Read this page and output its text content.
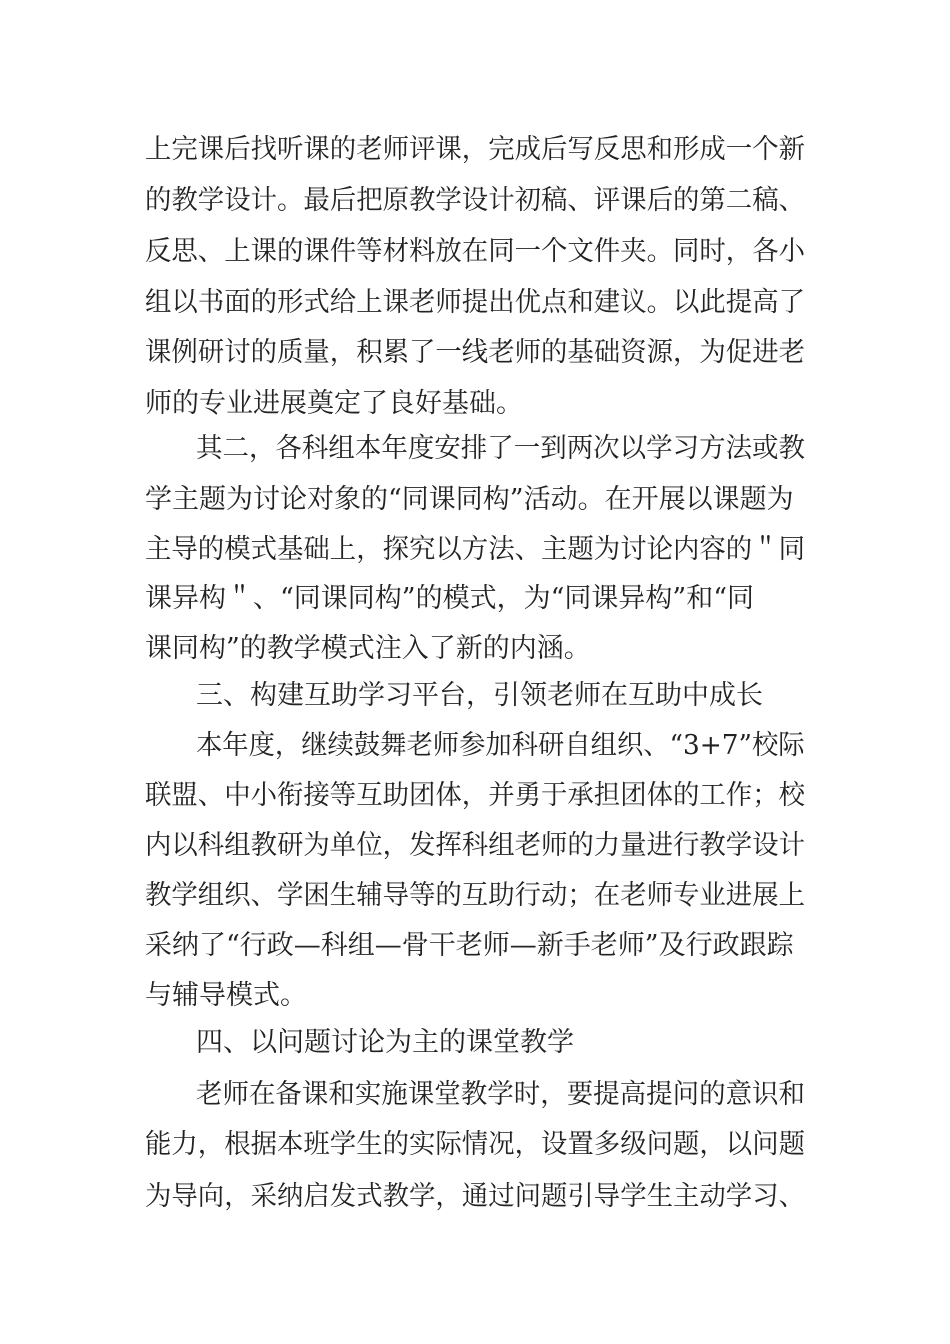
上完课后找听课的老师评课，完成后写反思和形成一个新
的教学设计。最后把原教学设计初稿、评课后的第二稿、
反思、上课的课件等材料放在同一个文件夹。同时，各小
组以书面的形式给上课老师提出优点和建议。以此提高了
课例研讨的质量，积累了一线老师的基础资源，为促进老
师的专业进展奠定了良好基础。
其二，各科组本年度安排了一到两次以学习方法或教
学主题为讨论对象的“同课同构”活动。在开展以课题为
主导的模式基础上，探究以方法、主题为讨论内容的＂同
课异构＂、“同课同构”的模式，为“同课异构”和“同
课同构”的教学模式注入了新的内涵。
三、构建互助学习平台，引领老师在互助中成长
本年度，继续鼓舞老师参加科研自组织、“3+7”校际
联盟、中小衔接等互助团体，并勇于承担团体的工作；校
内以科组教研为单位，发挥科组老师的力量进行教学设计
教学组织、学困生辅导等的互助行动；在老师专业进展上
采纳了“行政—科组—骨干老师—新手老师”及行政跟踪
与辅导模式。
四、以问题讨论为主的课堂教学
老师在备课和实施课堂教学时，要提高提问的意识和
能力，根据本班学生的实际情况，设置多级问题，以问题
为导向，采纳启发式教学，通过问题引导学生主动学习、
